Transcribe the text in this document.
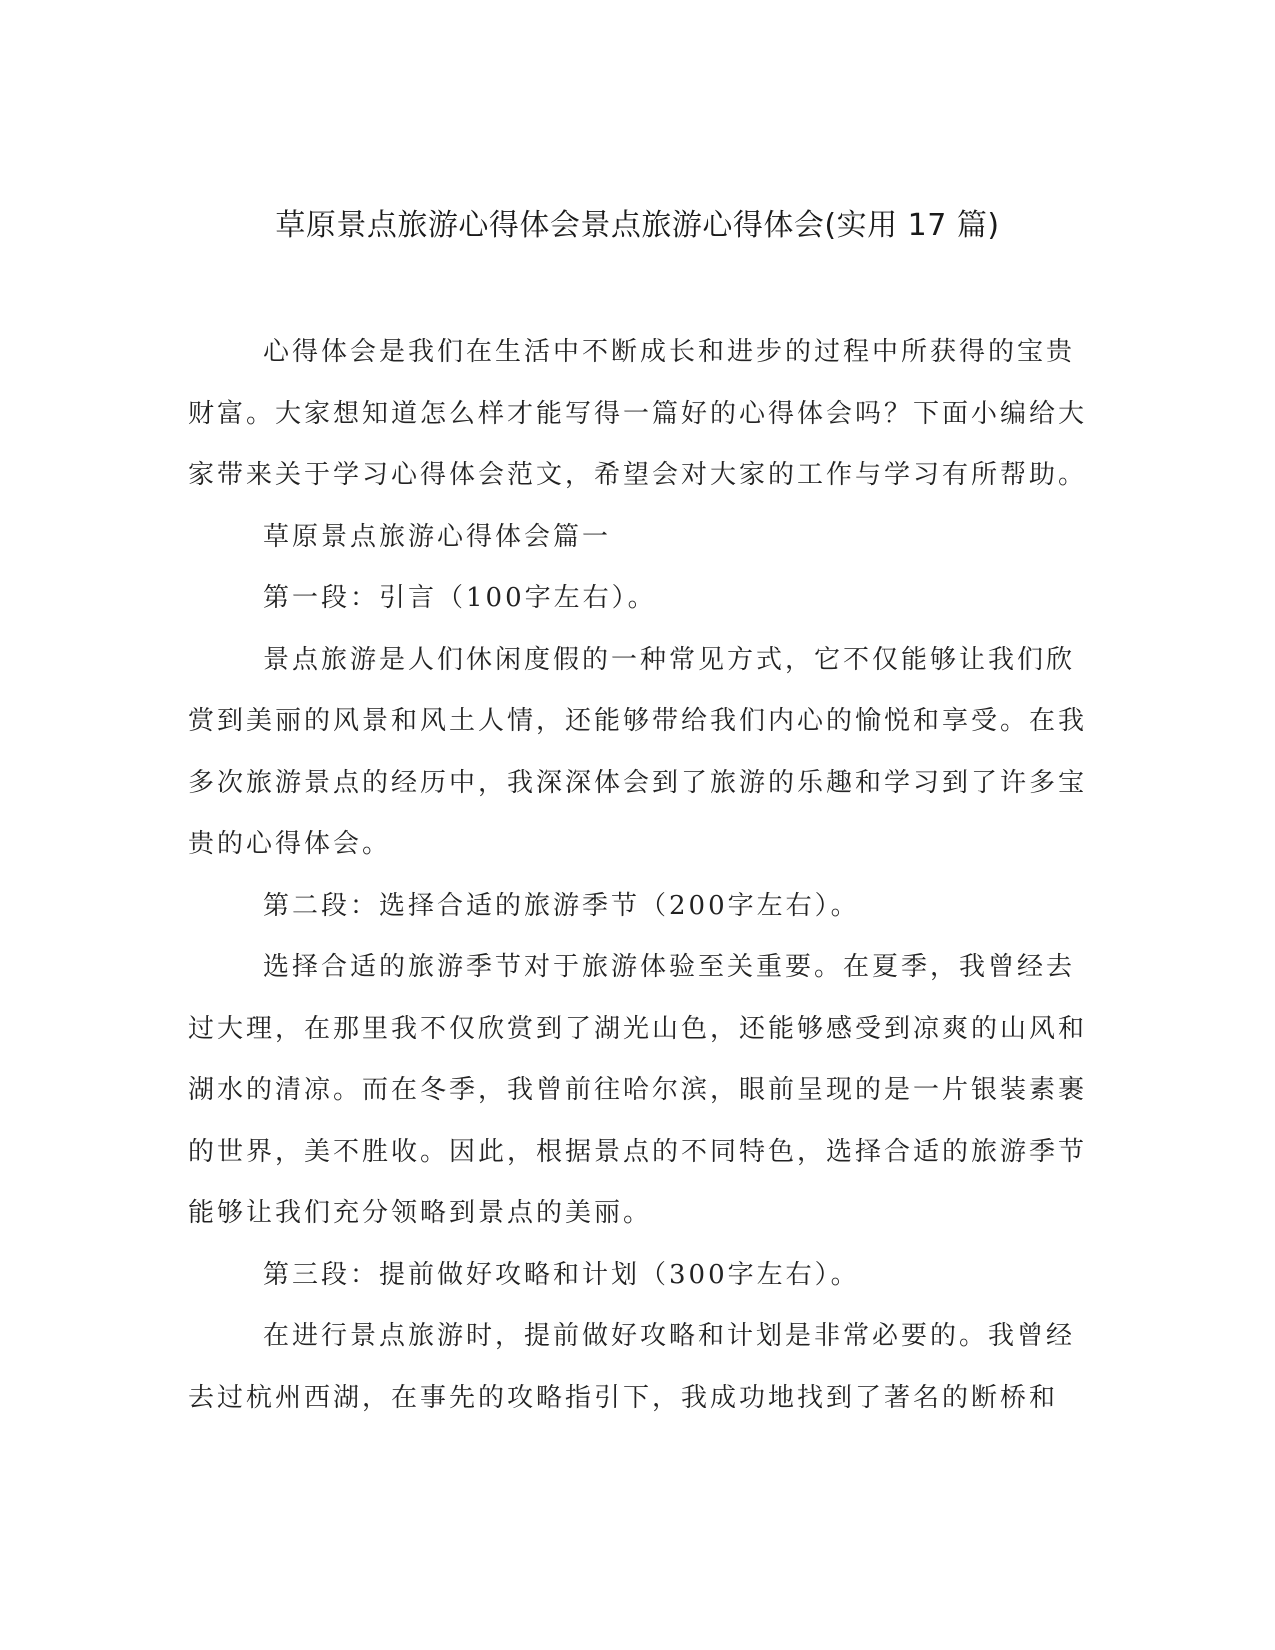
草原景点旅游心得体会景点旅游心得体会(实用 17 篇)

心得体会是我们在生活中不断成长和进步的过程中所获得的宝贵财富。大家想知道怎么样才能写得一篇好的心得体会吗？下面小编给大家带来关于学习心得体会范文，希望会对大家的工作与学习有所帮助。

草原景点旅游心得体会篇一

第一段：引言（100字左右）。

景点旅游是人们休闲度假的一种常见方式，它不仅能够让我们欣赏到美丽的风景和风土人情，还能够带给我们内心的愉悦和享受。在我多次旅游景点的经历中，我深深体会到了旅游的乐趣和学习到了许多宝贵的心得体会。

第二段：选择合适的旅游季节（200字左右）。

选择合适的旅游季节对于旅游体验至关重要。在夏季，我曾经去过大理，在那里我不仅欣赏到了湖光山色，还能够感受到凉爽的山风和湖水的清凉。而在冬季，我曾前往哈尔滨，眼前呈现的是一片银装素裹的世界，美不胜收。因此，根据景点的不同特色，选择合适的旅游季节能够让我们充分领略到景点的美丽。

第三段：提前做好攻略和计划（300字左右）。

在进行景点旅游时，提前做好攻略和计划是非常必要的。我曾经去过杭州西湖，在事先的攻略指引下，我成功地找到了著名的断桥和
